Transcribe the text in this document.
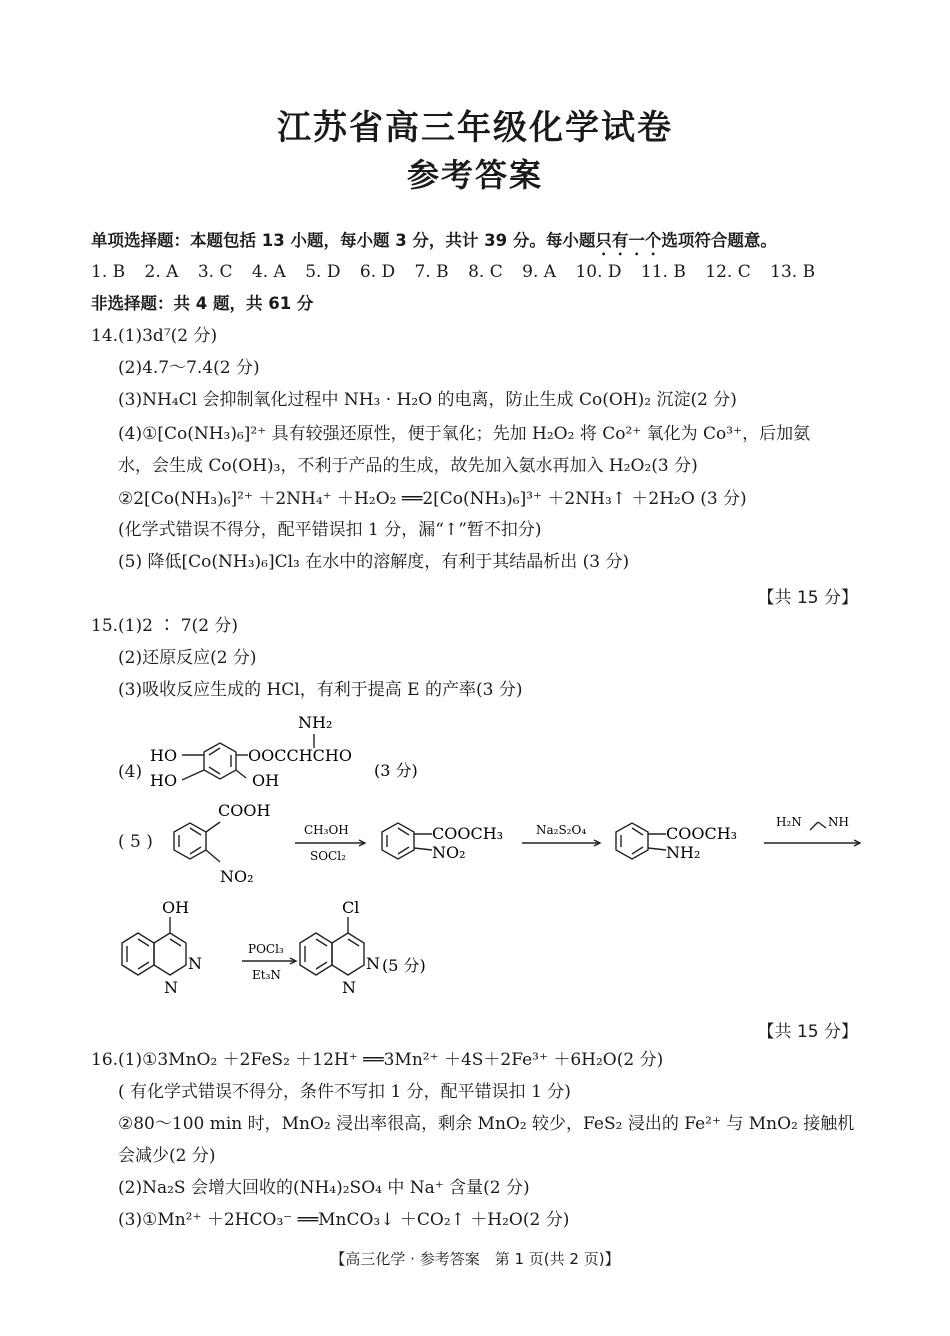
江苏省高三年级化学试卷
参考答案
单项选择题：本题包括 13 小题，每小题 3 分，共计 39 分。每小题只有一个选项符合题意。
1. B 2. A 3. C 4. A 5. D 6. D 7. B 8. C 9. A 10. D 11. B 12. C 13. B
非选择题：共 4 题，共 61 分
14.(1)3d⁷(2 分)
(2)4.7～7.4(2 分)
(3)NH₄Cl 会抑制氧化过程中 NH₃ · H₂O 的电离，防止生成 Co(OH)₂ 沉淀(2 分)
(4)①[Co(NH₃)₆]²⁺ 具有较强还原性，便于氧化；先加 H₂O₂ 将 Co²⁺ 氧化为 Co³⁺，后加氨
水，会生成 Co(OH)₃，不利于产品的生成，故先加入氨水再加入 H₂O₂(3 分)
②2[Co(NH₃)₆]²⁺ ＋2NH₄⁺ ＋H₂O₂ ══2[Co(NH₃)₆]³⁺ ＋2NH₃↑ ＋2H₂O (3 分)
(化学式错误不得分，配平错误扣 1 分，漏“↑”暂不扣分)
(5) 降低[Co(NH₃)₆]Cl₃ 在水中的溶解度，有利于其结晶析出 (3 分)
【共 15 分】
15.(1)2 ∶ 7(2 分)
(2)还原反应(2 分)
(3)吸收反应生成的 HCl，有利于提高 E 的产率(3 分)
(4)
HO
HO
OOCCHCHO
OH
NH₂
(3 分)
( 5 )
COOH
NO₂
CH₃OH
SOCl₂
COOCH₃
NO₂
Na₂S₂O₄	COOCH₃
NH₂
H₂N NH
OH
N
N
POCl₃
Et₃N
Cl
N
N
(5 分)
【共 15 分】
16.(1)①3MnO₂ ＋2FeS₂ ＋12H⁺ ══3Mn²⁺ ＋4S＋2Fe³⁺ ＋6H₂O(2 分)
( 有化学式错误不得分，条件不写扣 1 分，配平错误扣 1 分)
②80～100 min 时，MnO₂ 浸出率很高，剩余 MnO₂ 较少，FeS₂ 浸出的 Fe²⁺ 与 MnO₂ 接触机
会减少(2 分)
(2)Na₂S 会增大回收的(NH₄)₂SO₄ 中 Na⁺ 含量(2 分)
(3)①Mn²⁺ ＋2HCO₃⁻ ══MnCO₃↓ ＋CO₂↑ ＋H₂O(2 分)
【高三化学 · 参考答案　第 1 页(共 2 页)】
